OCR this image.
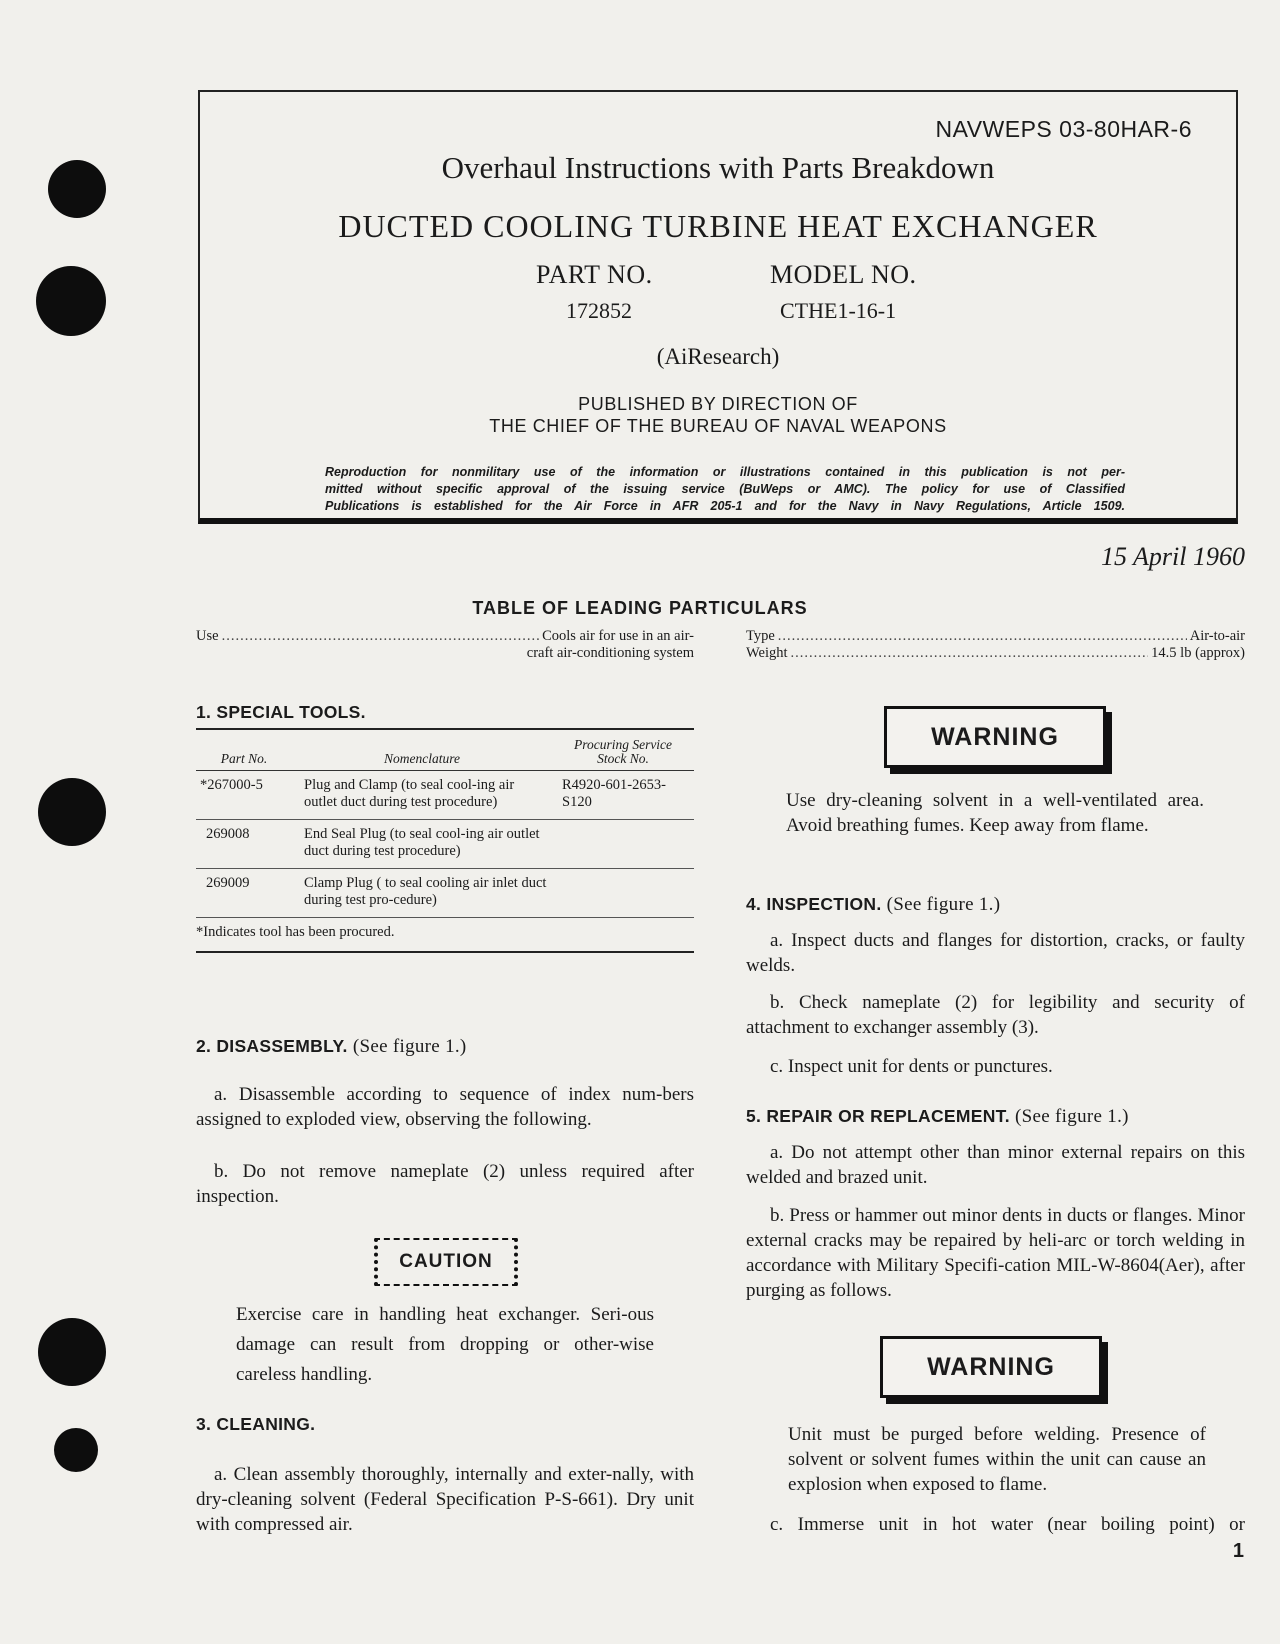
NAVWEPS 03-80HAR-6
Overhaul Instructions with Parts Breakdown
DUCTED COOLING TURBINE HEAT EXCHANGER
PART NO.	MODEL NO.
172852	CTHE1-16-1
(AiResearch)
PUBLISHED BY DIRECTION OF
THE CHIEF OF THE BUREAU OF NAVAL WEAPONS
Reproduction for nonmilitary use of the information or illustrations contained in this publication is not per-
mitted without specific approval of the issuing service (BuWeps or AMC). The policy for use of Classified
Publications is established for the Air Force in AFR 205-1 and for the Navy in Navy Regulations, Article 1509.
15 April 1960
TABLE OF LEADING PARTICULARS
Use .....	Cools air for use in an air-
craft air-conditioning system
Type .....	Air-to-air
Weight .....	14.5 lb (approx)
1. SPECIAL TOOLS.
Part No.	Nomenclature	Procuring Service
Stock No.
*267000-5	Plug and Clamp (to seal cool-ing air outlet duct during test procedure)	R4920-601-2653-S120
269008	End Seal Plug (to seal cool-ing air outlet duct during test procedure)	
269009	Clamp Plug ( to seal cooling air inlet duct during test pro-cedure)	
*Indicates tool has been procured.		
2. DISASSEMBLY. (See figure 1.)

a. Disassemble according to sequence of index num-bers assigned to exploded view, observing the following.

b. Do not remove nameplate (2) unless required after inspection.

CAUTION

Exercise care in handling heat exchanger. Seri-ous damage can result from dropping or other-wise careless handling.

3. CLEANING.

a. Clean assembly thoroughly, internally and exter-nally, with dry-cleaning solvent (Federal Specification P-S-661). Dry unit with compressed air.

WARNING

Use dry-cleaning solvent in a well-ventilated area. Avoid breathing fumes. Keep away from flame.

4. INSPECTION. (See figure 1.)

a. Inspect ducts and flanges for distortion, cracks, or faulty welds.

b. Check nameplate (2) for legibility and security of attachment to exchanger assembly (3).

c. Inspect unit for dents or punctures.

5. REPAIR OR REPLACEMENT. (See figure 1.)

a. Do not attempt other than minor external repairs on this welded and brazed unit.

b. Press or hammer out minor dents in ducts or flanges. Minor external cracks may be repaired by heli-arc or torch welding in accordance with Military Specifi-cation MIL-W-8604(Aer), after purging as follows.

WARNING

Unit must be purged before welding. Presence of solvent or solvent fumes within the unit can cause an explosion when exposed to flame.

c. Immerse unit in hot water (near boiling point) or

1
